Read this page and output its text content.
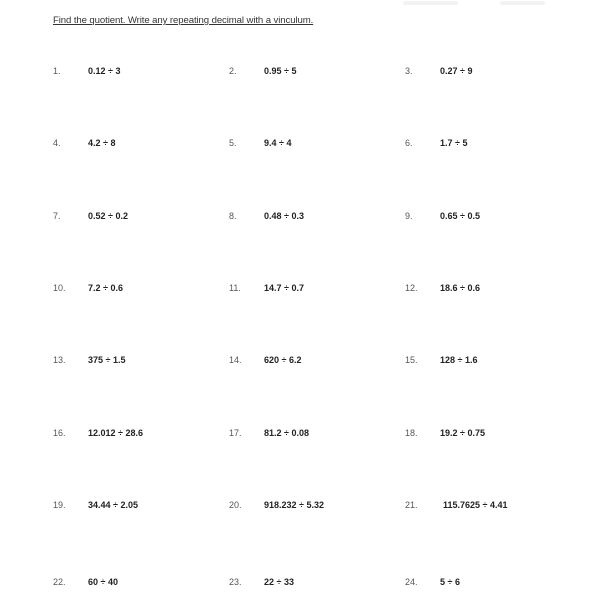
Find the quotient. Write any repeating decimal with a vinculum.
1.	0.12 ÷ 3	2.	0.95 ÷ 5	3.	0.27 ÷ 9
4.	4.2 ÷ 8	5.	9.4 ÷ 4	6.	1.7 ÷ 5
7.	0.52 ÷ 0.2	8.	0.48 ÷ 0.3	9.	0.65 ÷ 0.5
10. 7.2 ÷ 0.6	11.	14.7 ÷ 0.7	12. 18.6 ÷ 0.6
13. 375 ÷ 1.5	14. 620 ÷ 6.2	15. 128 ÷ 1.6
16. 12.012 ÷ 28.6	17. 81.2 ÷ 0.08	18. 19.2 ÷ 0.75
19. 34.44 ÷ 2.05	20. 918.232 ÷ 5.32	21.	115.7625 ÷ 4.41
22. 60 ÷ 40	23. 22 ÷ 33	24. 5 ÷ 6
